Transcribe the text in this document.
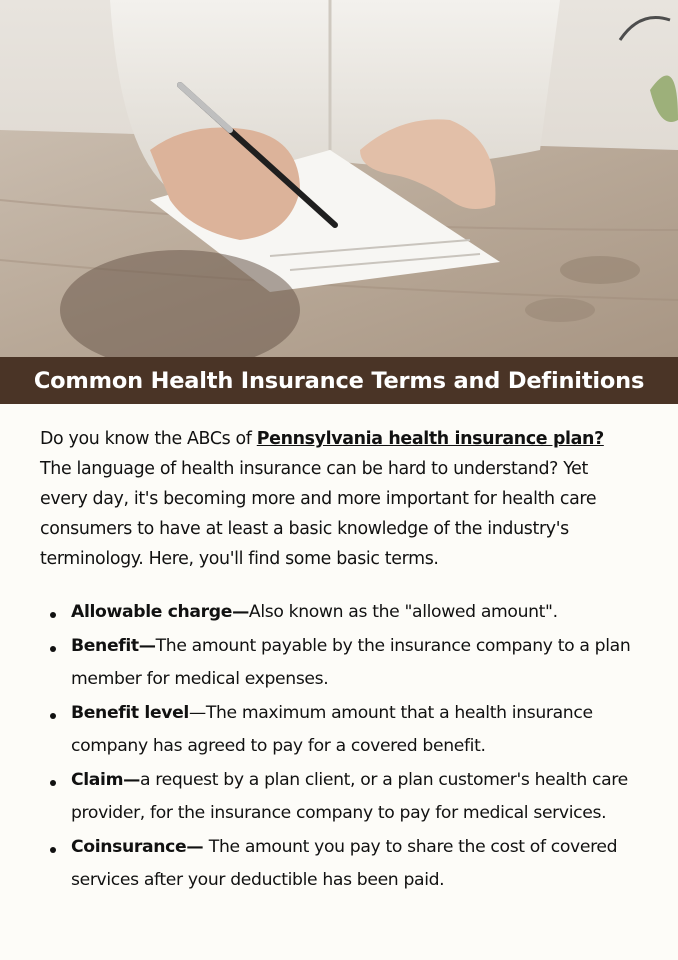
Common Health Insurance Terms and Definitions

Do you know the ABCs of Pennsylvania health insurance plan? The language of health insurance can be hard to understand? Yet every day, it's becoming more and more important for health care consumers to have at least a basic knowledge of the industry's terminology. Here, you'll find some basic terms.

Allowable charge—Also known as the "allowed amount".
Benefit—The amount payable by the insurance company to a plan member for medical expenses.
Benefit level—The maximum amount that a health insurance company has agreed to pay for a covered benefit.
Claim—a request by a plan client, or a plan customer's health care provider, for the insurance company to pay for medical services.
Coinsurance— The amount you pay to share the cost of covered services after your deductible has been paid.
